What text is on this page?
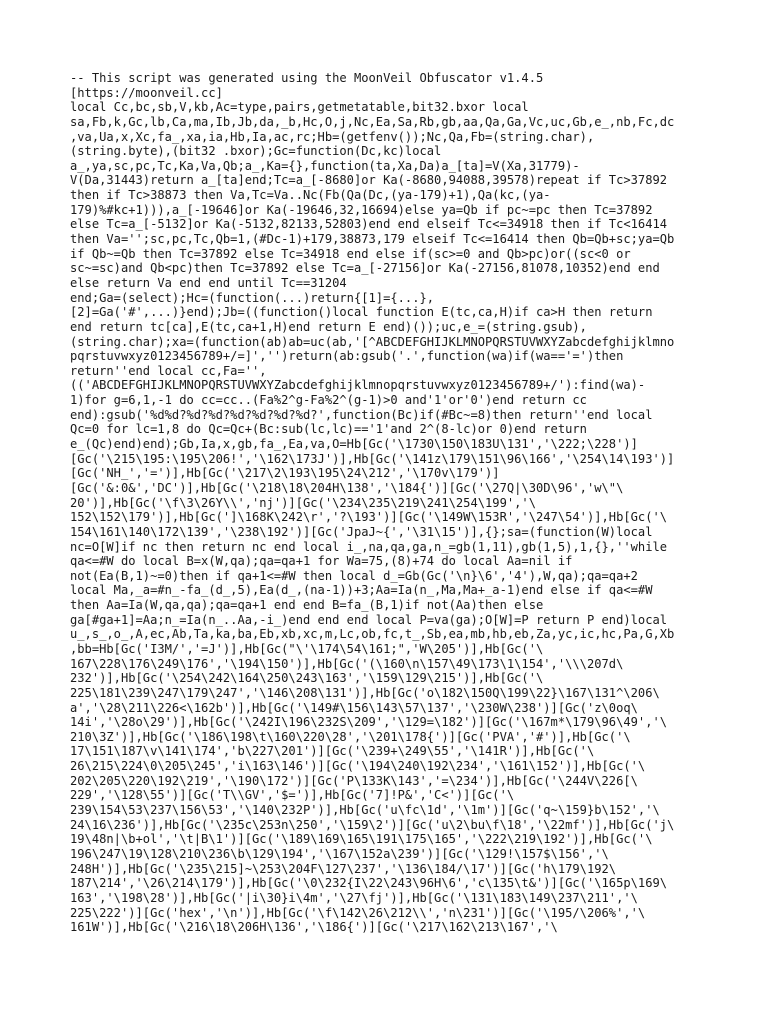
-- This script was generated using the MoonVeil Obfuscator v1.4.5
[https://moonveil.cc]
local Cc,bc,sb,V,kb,Ac=type,pairs,getmetatable,bit32.bxor local
sa,Fb,k,Gc,lb,Ca,ma,Ib,Jb,da,_b,Hc,O,j,Nc,Ea,Sa,Rb,gb,aa,Qa,Ga,Vc,uc,Gb,e_,nb,Fc,dc
,va,Ua,x,Xc,fa_,xa,ia,Hb,Ia,ac,rc;Hb=(getfenv());Nc,Qa,Fb=(string.char),
(string.byte),(bit32 .bxor);Gc=function(Dc,kc)local
a_,ya,sc,pc,Tc,Ka,Va,Qb;a_,Ka={},function(ta,Xa,Da)a_[ta]=V(Xa,31779)-
V(Da,31443)return a_[ta]end;Tc=a_[-8680]or Ka(-8680,94088,39578)repeat if Tc>37892
then if Tc>38873 then Va,Tc=Va..Nc(Fb(Qa(Dc,(ya-179)+1),Qa(kc,(ya-
179)%#kc+1))),a_[-19646]or Ka(-19646,32,16694)else ya=Qb if pc~=pc then Tc=37892
else Tc=a_[-5132]or Ka(-5132,82133,52803)end end elseif Tc<=34918 then if Tc<16414
then Va='';sc,pc,Tc,Qb=1,(#Dc-1)+179,38873,179 elseif Tc<=16414 then Qb=Qb+sc;ya=Qb
if Qb~=Qb then Tc=37892 else Tc=34918 end else if(sc>=0 and Qb>pc)or((sc<0 or
sc~=sc)and Qb<pc)then Tc=37892 else Tc=a_[-27156]or Ka(-27156,81078,10352)end end
else return Va end end until Tc==31204
end;Ga=(select);Hc=(function(...)return{[1]={...},
[2]=Ga('#',...)}end);Jb=((function()local function E(tc,ca,H)if ca>H then return
end return tc[ca],E(tc,ca+1,H)end return E end)());uc,e_=(string.gsub),
(string.char);xa=(function(ab)ab=uc(ab,'[^ABCDEFGHIJKLMNOPQRSTUVWXYZabcdefghijklmno
pqrstuvwxyz0123456789+/=]','')return(ab:gsub('.',function(wa)if(wa=='=')then
return''end local cc,Fa='',
(('ABCDEFGHIJKLMNOPQRSTUVWXYZabcdefghijklmnopqrstuvwxyz0123456789+/'):find(wa)-
1)for g=6,1,-1 do cc=cc..(Fa%2^g-Fa%2^(g-1)>0 and'1'or'0')end return cc
end):gsub('%d%d?%d?%d?%d?%d?%d?%d?',function(Bc)if(#Bc~=8)then return''end local
Qc=0 for lc=1,8 do Qc=Qc+(Bc:sub(lc,lc)=='1'and 2^(8-lc)or 0)end return
e_(Qc)end)end);Gb,Ia,x,gb,fa_,Ea,va,O=Hb[Gc('\1730\150\183U\131','\222;\228')]
[Gc('\215\195:\195\206!','\162\173J')],Hb[Gc('\141z\179\151\96\166','\254\14\193')]
[Gc('NH_','=')],Hb[Gc('\217\2\193\195\24\212','\170v\179')]
[Gc('&:0&','DC')],Hb[Gc('\218\18\204H\138','\184{')][Gc('\27Q|\30D\96','w\"\
20')],Hb[Gc('\f\3\26Y\\','nj')][Gc('\234\235\219\241\254\199','\
152\152\179')],Hb[Gc(']\168K\242\r','?\193')][Gc('\149W\153R','\247\54')],Hb[Gc('\
154\161\140\172\139','\238\192')][Gc('JpaJ~{','\31\15')],{};sa=(function(W)local
nc=O[W]if nc then return nc end local i_,na,qa,ga,n_=gb(1,11),gb(1,5),1,{},''while
qa<=#W do local B=x(W,qa);qa=qa+1 for Wa=75,(8)+74 do local Aa=nil if
not(Ea(B,1)~=0)then if qa+1<=#W then local d_=Gb(Gc('\n}\6','4'),W,qa);qa=qa+2
local Ma,_a=#n_-fa_(d_,5),Ea(d_,(na-1))+3;Aa=Ia(n_,Ma,Ma+_a-1)end else if qa<=#W
then Aa=Ia(W,qa,qa);qa=qa+1 end end B=fa_(B,1)if not(Aa)then else
ga[#ga+1]=Aa;n_=Ia(n_..Aa,-i_)end end end local P=va(ga);O[W]=P return P end)local
u_,s_,o_,A,ec,Ab,Ta,ka,ba,Eb,xb,xc,m,Lc,ob,fc,t_,Sb,ea,mb,hb,eb,Za,yc,ic,hc,Pa,G,Xb
,bb=Hb[Gc('I3M/','=J')],Hb[Gc("\'\174\54\161;",'W\205')],Hb[Gc('\
167\228\176\249\176','\194\150')],Hb[Gc('(\160\n\157\49\173\1\154','\\\207d\
232')],Hb[Gc('\254\242\164\250\243\163','\159\129\215')],Hb[Gc('\
225\181\239\247\179\247','\146\208\131')],Hb[Gc('o\182\150Q\199\22}\167\131^\206\
a','\28\211\226<\162b')],Hb[Gc('\149#\156\143\57\137','\230W\238')][Gc('z\0oq\
14i','\28o\29')],Hb[Gc('\242I\196\232S\209','\129=\182')][Gc('\167m*\179\96\49','\
210\3Z')],Hb[Gc('\186\198\t\160\220\28','\201\178{')][Gc('PVA','#')],Hb[Gc('\
17\151\187\v\141\174','b\227\201')][Gc('\239+\249\55','\141R')],Hb[Gc('\
26\215\224\0\205\245','i\163\146')][Gc('\194\240\192\234','\161\152')],Hb[Gc('\
202\205\220\192\219','\190\172')][Gc('P\133K\143','=\234')],Hb[Gc('\244V\226[\
229','\128\55')][Gc('T\\GV','$=')],Hb[Gc('7]!P&','C<')][Gc('\
239\154\53\237\156\53','\140\232P')],Hb[Gc('u\fc\1d','\1m')][Gc('q~\159}b\152','\
24\16\236')],Hb[Gc('\235c\253n\250','\159\2')][Gc('u\2\bu\f\18','\22mf')],Hb[Gc('j\
19\48n|\b+ol','\t|B\1')][Gc('\189\169\165\191\175\165','\222\219\192')],Hb[Gc('\
196\247\19\128\210\236\b\129\194','\167\152a\239')][Gc('\129!\157$\156','\
248H')],Hb[Gc('\235\215]~\253\204F\127\237','\136\184/\17')][Gc('h\179\192\
187\214','\26\214\179')],Hb[Gc('\0\232{I\22\243\96H\6','c\135\t&')][Gc('\165p\169\
163','\198\28')],Hb[Gc('|i\30}i\4m','\27\fj')],Hb[Gc('\131\183\149\237\211','\
225\222')][Gc('hex','\n')],Hb[Gc('\f\142\26\212\\','n\231')][Gc('\195/\206%','\
161W')],Hb[Gc('\216\18\206H\136','\186{')][Gc('\217\162\213\167','\
